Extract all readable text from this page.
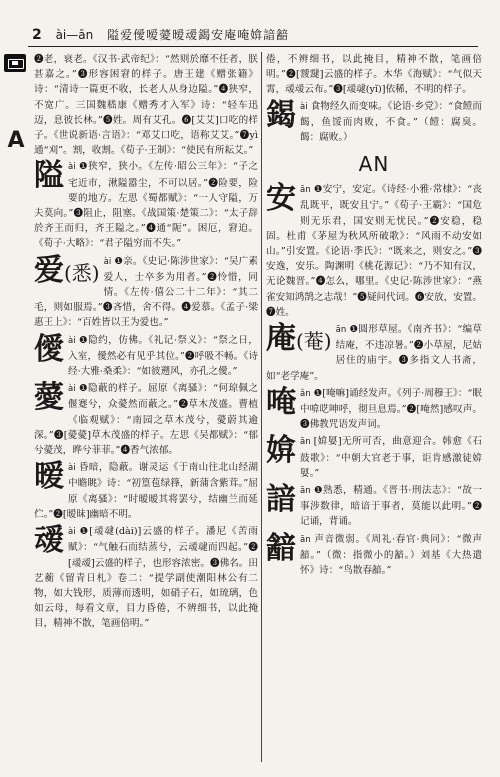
2 ài—ān 隘爱僾嗳薆暧叆鍻安庵唵媕諳韽
A

❷老，衰老。《汉书·武帝纪》：“然则於靡不任者，朕甚嘉之。”❸形容困窘的样子。唐王建《赠张籍》诗：“清诗一篇更不收，长老人从身边隘。”❹狭窄，不宽广。三国魏嵇康《赠秀才入军》诗：“轻车迅迈，息彼长林。”❺姓。周有艾孔。❻[艾艾]口吃的样子。《世说新语·言语》：“邓艾口吃，语称艾艾。”❼yì 通“刈”。割，收割。《荀子·王制》：“使民有所耘艾。”

隘 ài ❶狭窄，狭小。《左传·昭公三年》：“子之宅近市，湫隘嚣尘，不可以居。”❷险要，险要的地方。左思《蜀都赋》：“一人守隘，万夫莫向。”❸阻止，阻塞。《战国策·楚策二》：“太子辞於齐王而归，齐王隘之。”❹通“阨”。困厄，窘迫。《荀子·大略》：“君子隘穷而不失。”

爱(悉) ài ❶亲。《史记·陈涉世家》：“吴广素爱人，士卒多为用者。”❷怜惜，同情。《左传·僖公二十二年》：“其二毛，则如服焉。”❸吝惜，舍不得。❹爱慕。《孟子·梁惠王上》：“百姓皆以王为爱也。”

僾 ài ❶隐约，仿佛。《礼记·祭义》：“祭之日，入室，僾然必有见乎其位。”❷呼吸不畅。《诗经·大雅·桑柔》：“如彼遡风，亦孔之僾。”

薆 ài ❶隐蔽的样子。屈原《离骚》：“何琼佩之偃蹇兮，众薆然而蔽之。”❷草木茂盛。曹植《临观赋》：“南园之草木茂兮，薆蔚其逾深。”❸[薆薆]草木茂盛的样子。左思《吴都赋》：“郁兮薆茂，晔兮菲菲。”❹香气浓郁。

暧 ài 昏暗，隐蔽。谢灵运《于南山往北山经湖中瞻眺》诗：“初篁苞绿箨，新蒲含紫茸。”屈原《离骚》：“时暧暧其将罢兮，结幽兰而延伫。”❷[暧昧]幽暗不明。

叆 ài ❶[叆叇(dài)]云盛的样子。潘尼《苦雨赋》：“气触石而结蒸兮，云叆叇而四起。”❷[叆叆]云盛的样子，也形容浓密。❸佛名。田艺蘅《留青日札》卷二：“提学副使潮阳林公有二物，如大钱形，质薄而透明，如硝子石，如琉璃，色如云母，每看文章，目力昏倦，不辨细书，以此掩目，精神不散，笔画倍明。”

倦，不辨细书，以此掩目，精神不散，笔画倍明。”❷[靉靆]云盛的样子。木华《海赋》：“气似天霄，叆叆云布。”❸[叆叇(yǐ)]依稀，不明的样子。

鍻 ài 食物经久而变味。《论语·乡党》：“食饐而餲，鱼馁而肉败，不食。”（饐：腐臭。餲：腐败。）

AN
安 ān ❶安宁，安定。《诗经·小雅·常棣》：“丧乱既平，既安且宁。”《荀子·王霸》：“国危则无乐君，国安则无忧民。”❷安稳，稳固。杜甫《茅屋为秋风所破歌》：“风雨不动安如山。”引安置。《论语·季氏》：“既来之，则安之。”❸安逸，安乐。陶渊明《桃花源记》：“乃不知有汉，无论魏晋。”❹怎么，哪里。《史记·陈涉世家》：“燕雀安知鸿鹄之志哉！”❺疑问代词。❻安放，安置。❼姓。

庵(菴) ān ❶圆形草屋。《南齐书》：“编草结庵，不违凉暑。”❷小草屋，尼姑居住的庙宇。❸多指文人书斋，如“老学庵”。

唵 ǎn ❶[唵嘛]诵经发声。《列子·周穆王》：“眠中啽呓呻呼，彻旦息焉。”❷[唵然]感叹声。❸佛教咒语发声词。

媕 ān [媕娿]无所可否，曲意迎合。韩愈《石鼓歌》：“中朝大官老于事，讵肯感激徒媕娿。”

諳 ān ❶熟悉，精通。《晋书·刑法志》：“故一事涉数律，暗谙于事者，莫能以此明。”❷记诵，背诵。

韽 ān 声音微弱。《周礼·春官·典同》：“微声韽。”（微：指微小的韽。）刘基《大热遣怀》诗：“鸟散春韽。”
